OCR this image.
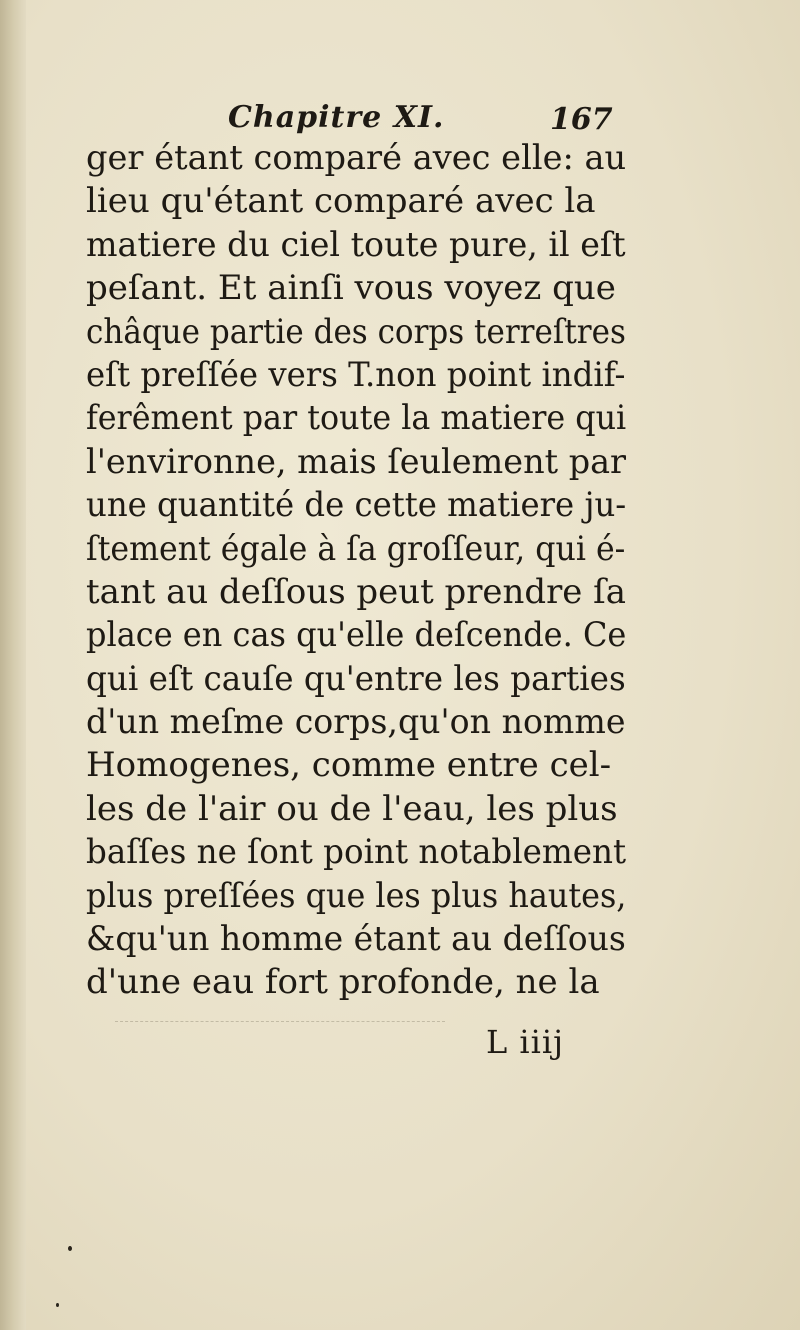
Chapitre XI.	167
ger étant comparé avec elle: au
lieu qu'étant comparé avec la
matiere du ciel toute pure, il eſt
peſant. Et ainſi vous voyez que
châque partie des corps terreſtres
eſt preſſée vers T.non point indif-
ferêment par toute la matiere qui
l'environne, mais ſeulement par
une quantité de cette matiere ju-
ſtement égale à ſa groſſeur, qui é-
tant au deſſous peut prendre ſa
place en cas qu'elle deſcende. Ce
qui eſt cauſe qu'entre les parties
d'un meſme corps,qu'on nomme
Homogenes, comme entre cel-
les de l'air ou de l'eau, les plus
baſſes ne ſont point notablement
plus preſſées que les plus hautes,
&qu'un homme étant au deſſous
d'une eau fort profonde, ne la
L iiij
